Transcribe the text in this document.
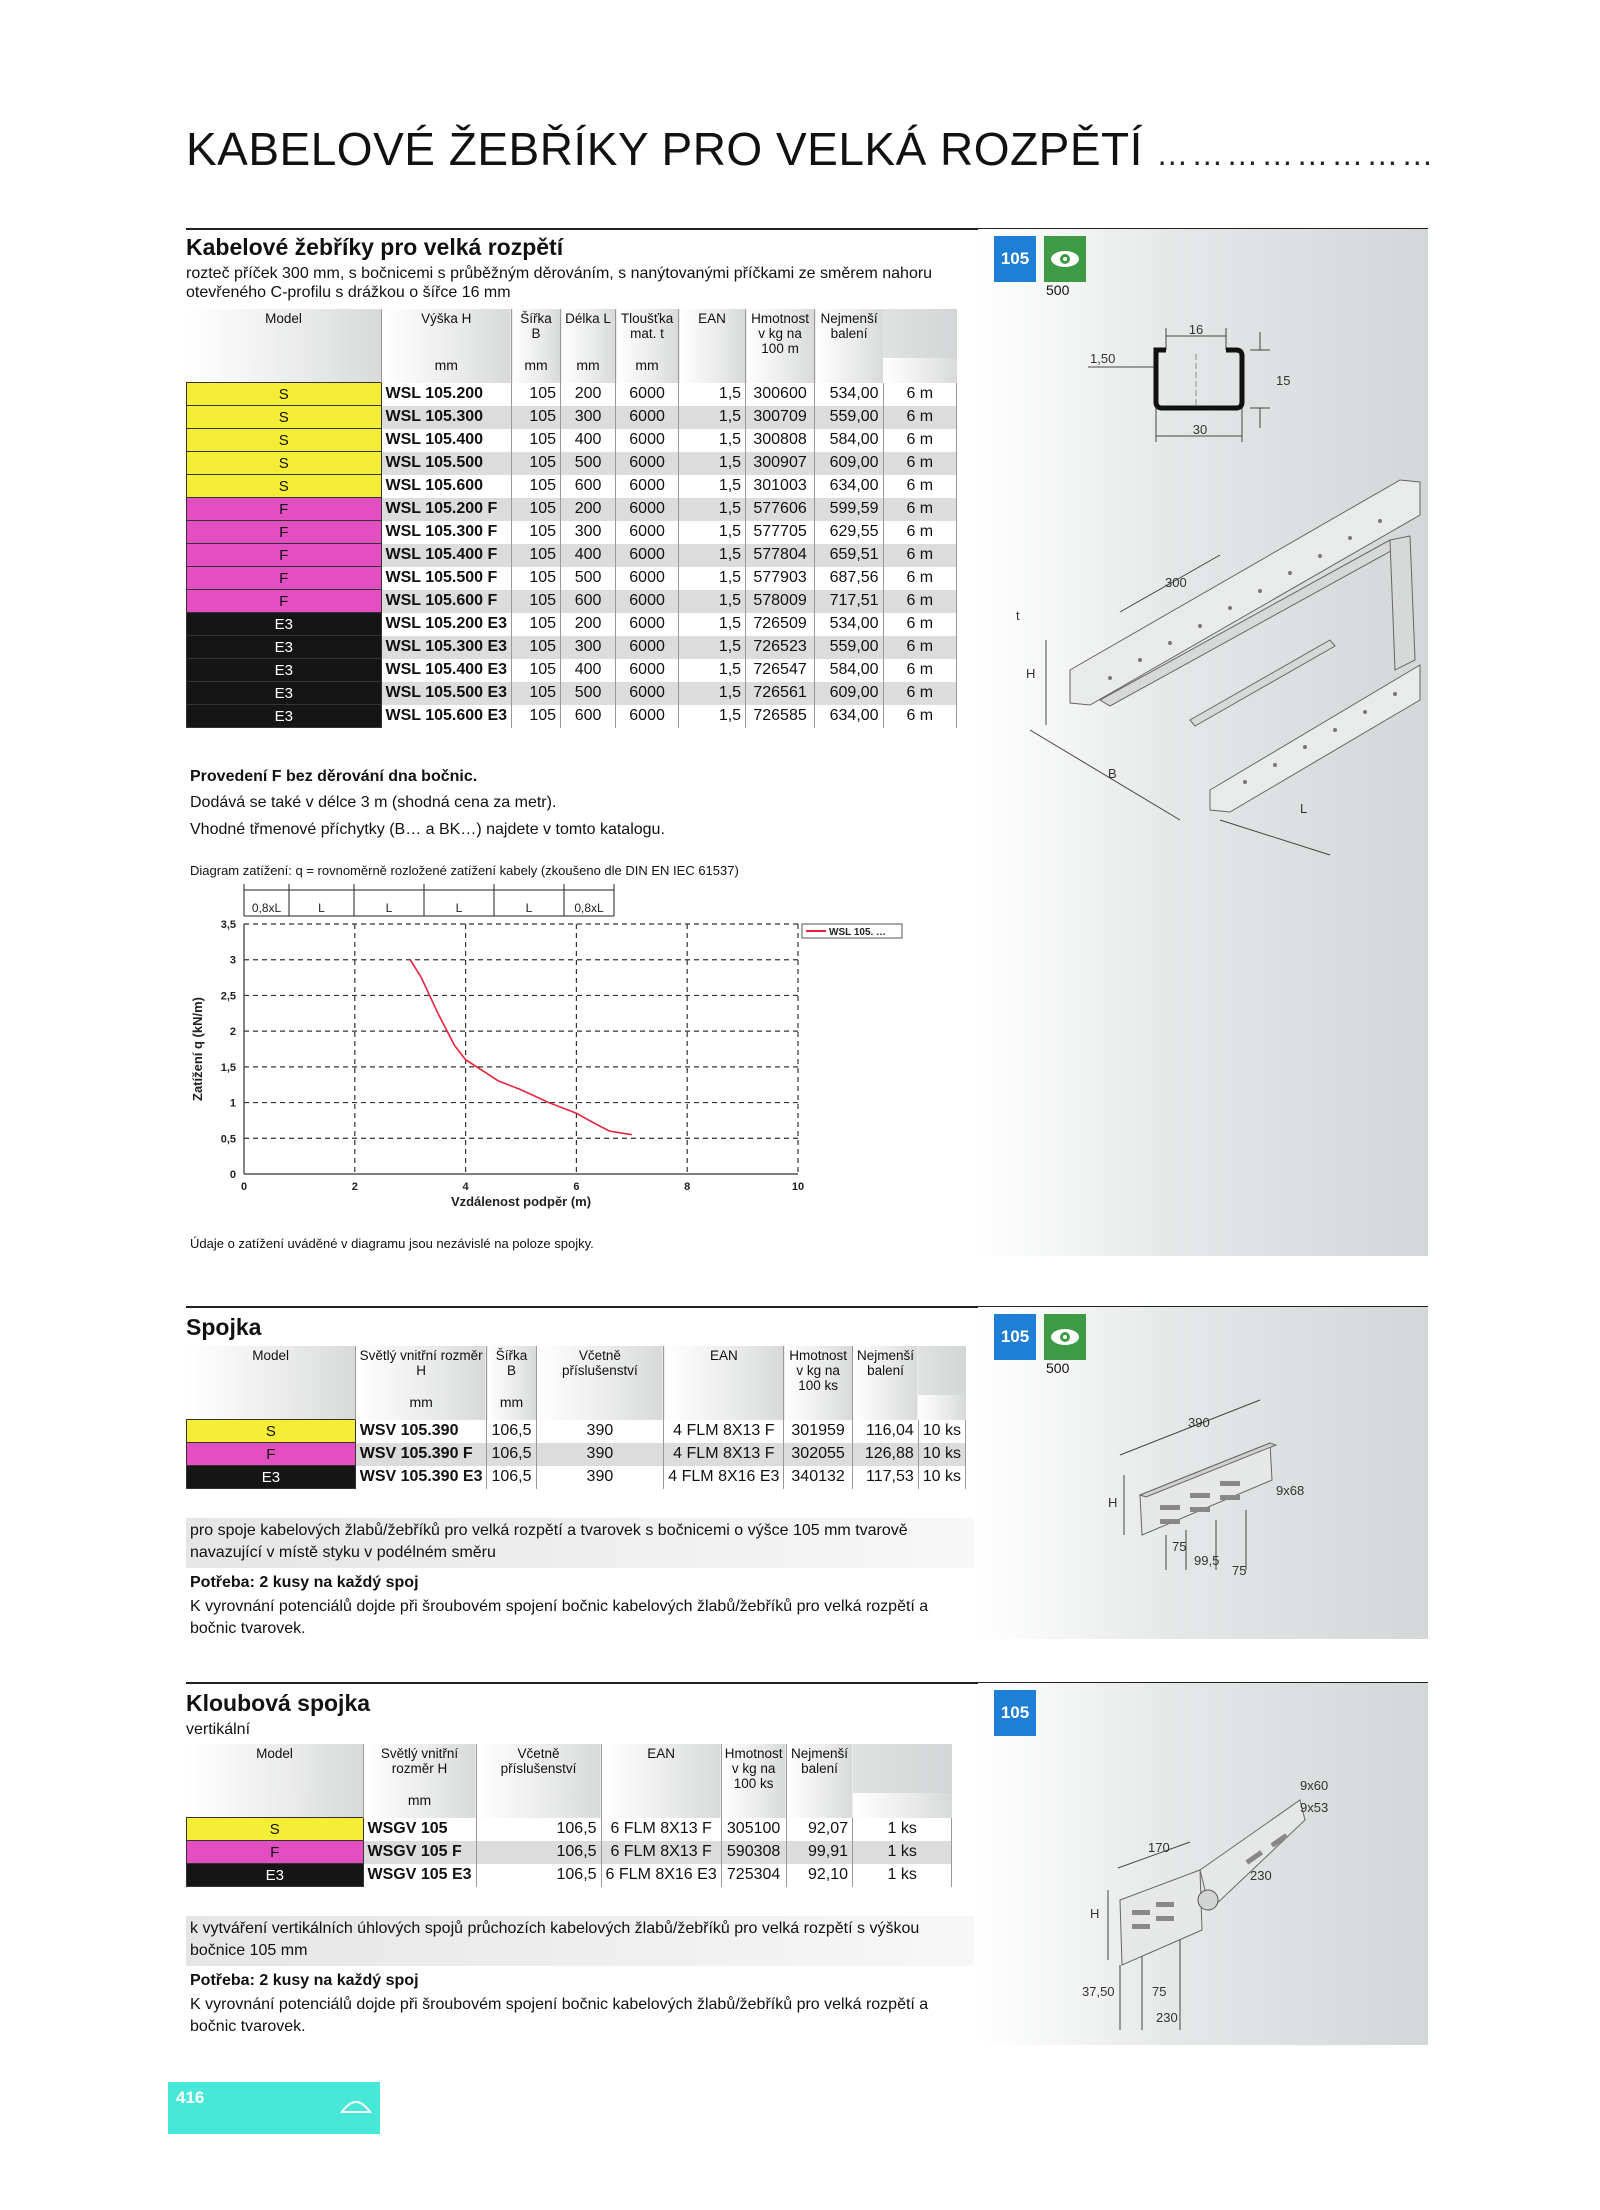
KABELOVÉ ŽEBŘÍKY PRO VELKÁ ROZPĚTÍ ……………………
105
500
Kabelové žebříky pro velká rozpětí
rozteč příček 300 mm, s bočnicemi s průběžným děrováním, s nanýtovanými příčkami ze směrem nahoru otevřeného C-profilu s drážkou o šířce 16 mm
Model	Výška H	Šířka B	Délka L	Tloušťka mat. t	EAN	Hmotnost v kg na 100 m	Nejmenší balení		
	mm	mm	mm	mm					
S	WSL 105.200	105	200	6000	1,5	300600	534,00	6 m	
S	WSL 105.300	105	300	6000	1,5	300709	559,00	6 m	
S	WSL 105.400	105	400	6000	1,5	300808	584,00	6 m	
S	WSL 105.500	105	500	6000	1,5	300907	609,00	6 m	
S	WSL 105.600	105	600	6000	1,5	301003	634,00	6 m	
F	WSL 105.200 F	105	200	6000	1,5	577606	599,59	6 m	
F	WSL 105.300 F	105	300	6000	1,5	577705	629,55	6 m	
F	WSL 105.400 F	105	400	6000	1,5	577804	659,51	6 m	
F	WSL 105.500 F	105	500	6000	1,5	577903	687,56	6 m	
F	WSL 105.600 F	105	600	6000	1,5	578009	717,51	6 m	
E3	WSL 105.200 E3	105	200	6000	1,5	726509	534,00	6 m	
E3	WSL 105.300 E3	105	300	6000	1,5	726523	559,00	6 m	
E3	WSL 105.400 E3	105	400	6000	1,5	726547	584,00	6 m	
E3	WSL 105.500 E3	105	500	6000	1,5	726561	609,00	6 m	
E3	WSL 105.600 E3	105	600	6000	1,5	726585	634,00	6 m	
Provedení F bez děrování dna bočnic.
Dodává se také v délce 3 m (shodná cena za metr).
Vhodné třmenové příchytky (B… a BK…) najdete v tomto katalogu.
Diagram zatížení: q = rovnoměrně rozložené zatížení kabely (zkoušeno dle DIN EN IEC 61537)
0,8xL	L	L	L	L	0,8xL
0
0,5
1
1,5
2
2,5
3
3,5
0	2	4	6	8	10
Vzdálenost podpěr (m)
Zatížení q (kN/m)
WSL 105. …
Údaje o zatížení uváděné v diagramu jsou nezávislé na poloze spojky.
16
1,50
15
30
300
t
H
B
L
105
500
Spojka
Model	Světlý vnitřní rozměr H	Šířka B	Včetně příslušenství	EAN	Hmotnost v kg na 100 ks	Nejmenší balení		
	mm	mm						
S	WSV 105.390	106,5	390	4 FLM 8X13 F	301959	116,04	10 ks	
F	WSV 105.390 F	106,5	390	4 FLM 8X13 F	302055	126,88	10 ks	
E3	WSV 105.390 E3	106,5	390	4 FLM 8X16 E3	340132	117,53	10 ks	
pro spoje kabelových žlabů/žebříků pro velká rozpětí a tvarovek s bočnicemi o výšce 105 mm tvarově navazující v místě styku v podélném směru
Potřeba: 2 kusy na každý spoj
K vyrovnání potenciálů dojde při šroubovém spojení bočnic kabelových žlabů/žebříků pro velká rozpětí a bočnic tvarovek.
390
H
9x68
75
99,5
75
105
Kloubová spojka
vertikální
Model	Světlý vnitřní rozměr H	Včetně příslušenství	EAN	Hmotnost v kg na 100 ks	Nejmenší balení		
	mm						
S	WSGV 105	106,5	6 FLM 8X13 F	305100	92,07	1 ks	
F	WSGV 105 F	106,5	6 FLM 8X13 F	590308	99,91	1 ks	
E3	WSGV 105 E3	106,5	6 FLM 8X16 E3	725304	92,10	1 ks	
k vytváření vertikálních úhlových spojů průchozích kabelových žlabů/žebříků pro velká rozpětí s výškou bočnice 105 mm
Potřeba: 2 kusy na každý spoj
K vyrovnání potenciálů dojde při šroubovém spojení bočnic kabelových žlabů/žebříků pro velká rozpětí a bočnic tvarovek.
9x60
9x53
170
230
H
37,50	75
230
416
